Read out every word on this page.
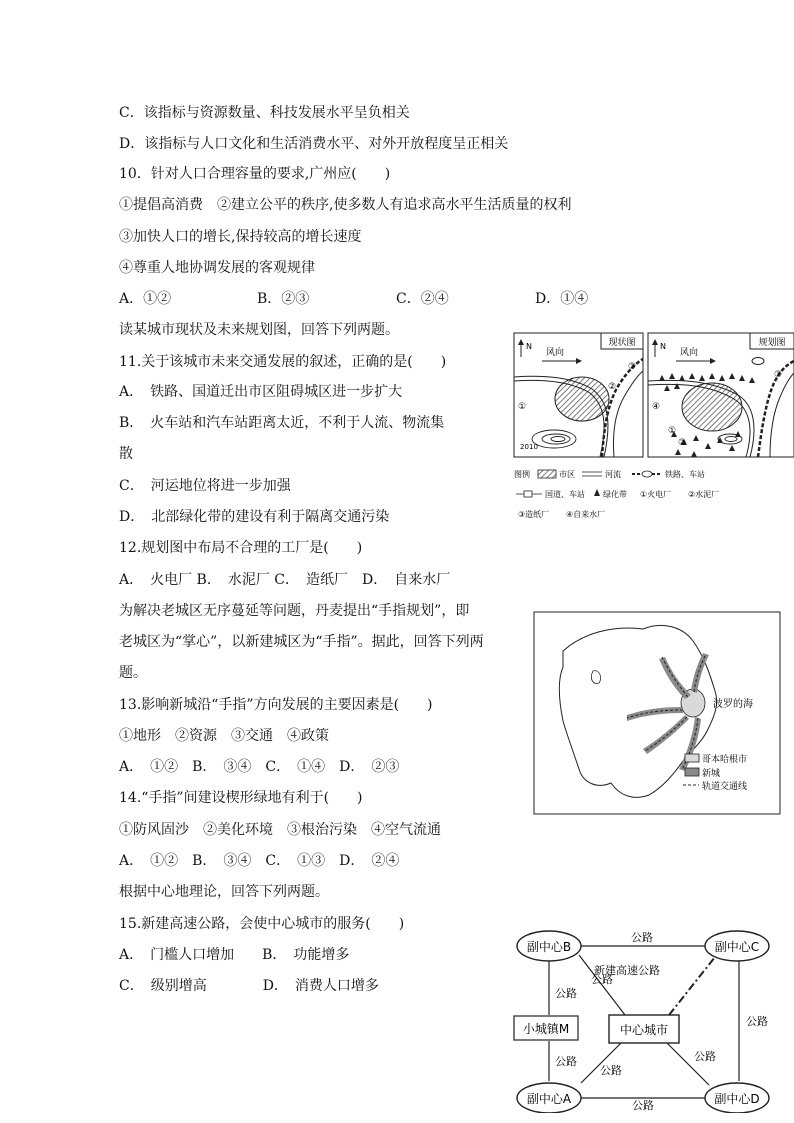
C．该指标与资源数量、科技发展水平呈负相关
D．该指标与人口文化和生活消费水平、对外开放程度呈正相关
10．针对人口合理容量的要求,广州应(　　)
①提倡高消费　②建立公平的秩序,使多数人有追求高水平生活质量的权利
③加快人口的增长,保持较高的增长速度
④尊重人地协调发展的客观规律
A．①②	B．②③	C．②④	D．①④
读某城市现状及未来规划图，回答下列两题。
11.关于该城市未来交通发展的叙述，正确的是(　　)
A．　铁路、国道迁出市区阻碍城区进一步扩大
B．　火车站和汽车站距离太近，不利于人流、物流集
散
C．　河运地位将进一步加强
D．　北部绿化带的建设有利于隔离交通污染
12.规划图中布局不合理的工厂是(　　)
A．　火电厂 B．　水泥厂 C．　造纸厂　D．　自来水厂
为解决老城区无序蔓延等问题，丹麦提出“手指规划”，即
老城区为“掌心”，以新建城区为“手指”。据此，回答下列两
题。
13.影响新城沿“手指”方向发展的主要因素是(　　)
①地形　②资源　③交通　④政策
A．　①②　B．　③④　C．　①④　D．　②③
14.“手指”间建设楔形绿地有利于(　　)
①防风固沙　②美化环境　③根治污染　④空气流通
A．　①②　B．　③④　C．　①③　D．　②④
根据中心地理论，回答下列两题。
15.新建高速公路，会使中心城市的服务(　　)
A．　门槛人口增加　　B．　功能增多
C．　级别增高　　　　D．　消费人口增多
现状图
N
风向
20 10
①
②
③
规划图
N
风向
④
①
②
③
图例	市区	河流	铁路、车站
国道、车站 绿化带 ①火电厂 ②水泥厂
③造纸厂 ④自来水厂
波罗的海
哥本哈根市
新城
轨道交通线
副中心B	副中心C
副中心A	副中心D
中心城市
小城镇M
公路
新建高速公路
公路
公路
公路
公路
公路
公路
公路
